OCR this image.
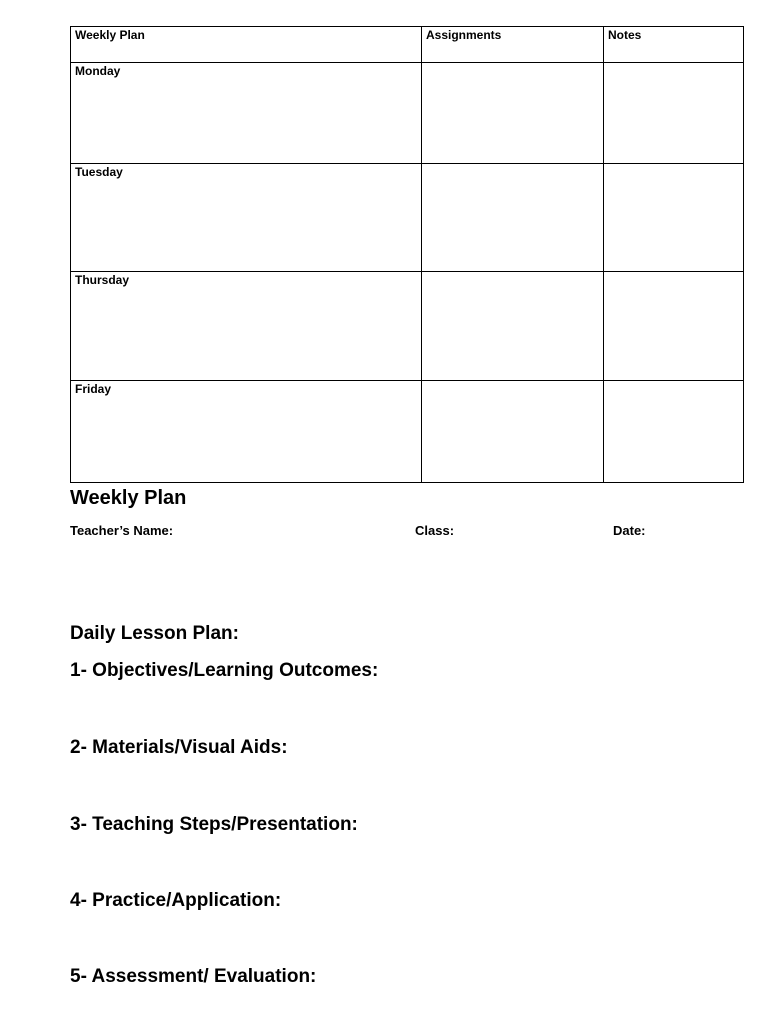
Weekly Plan	Assignments	Notes
Monday		
Tuesday		
Thursday		
Friday		
Weekly Plan
Teacher’s Name:	Class:	Date:
Daily Lesson Plan:
1- Objectives/Learning Outcomes:
2- Materials/Visual Aids:
3- Teaching Steps/Presentation:
4- Practice/Application:
5- Assessment/ Evaluation:
